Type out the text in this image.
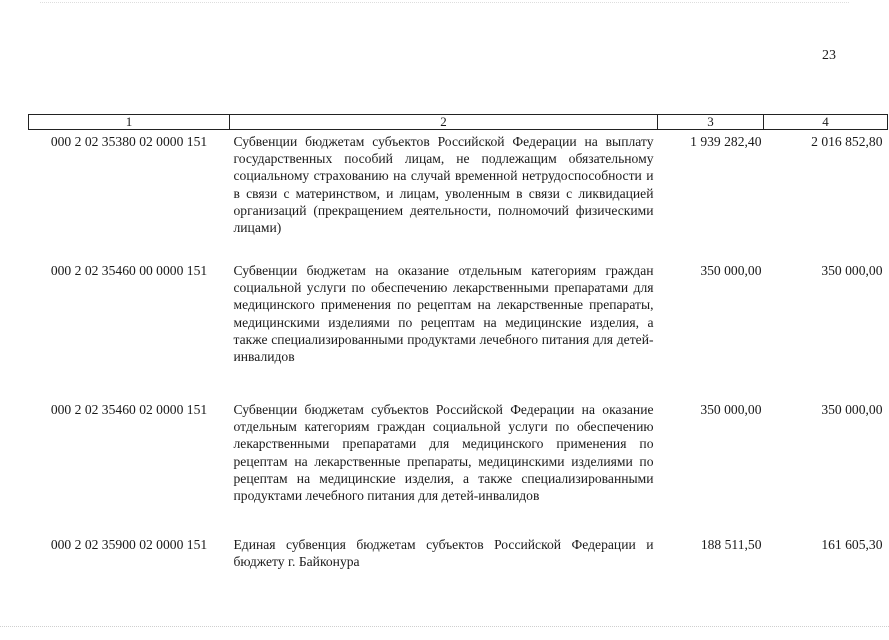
23
1	2	3	4
000 2 02 35380 02 0000 151	Субвенции бюджетам субъектов Российской Федерации на выплату государственных пособий лицам, не подлежащим обязательному социальному страхованию на случай временной нетрудоспособности и в связи с материнством, и лицам, уволенным в связи с ликвидацией организаций (прекращением деятельности, полномочий физическими лицами)	1 939 282,40	2 016 852,80
000 2 02 35460 00 0000 151	Субвенции бюджетам на оказание отдельным категориям граждан социальной услуги по обеспечению лекарственными препаратами для медицинского применения по рецептам на лекарственные препараты, медицинскими изделиями по рецептам на медицинские изделия, а также специализированными продуктами лечебного питания для детей-инвалидов	350 000,00	350 000,00
000 2 02 35460 02 0000 151	Субвенции бюджетам субъектов Российской Федерации на оказание отдельным категориям граждан социальной услуги по обеспечению лекарственными препаратами для медицинского применения по рецептам на лекарственные препараты, медицинскими изделиями по рецептам на медицинские изделия, а также специализированными продуктами лечебного питания для детей-инвалидов	350 000,00	350 000,00
000 2 02 35900 02 0000 151	Единая субвенция бюджетам субъектов Российской Федерации и бюджету г. Байконура	188 511,50	161 605,30
